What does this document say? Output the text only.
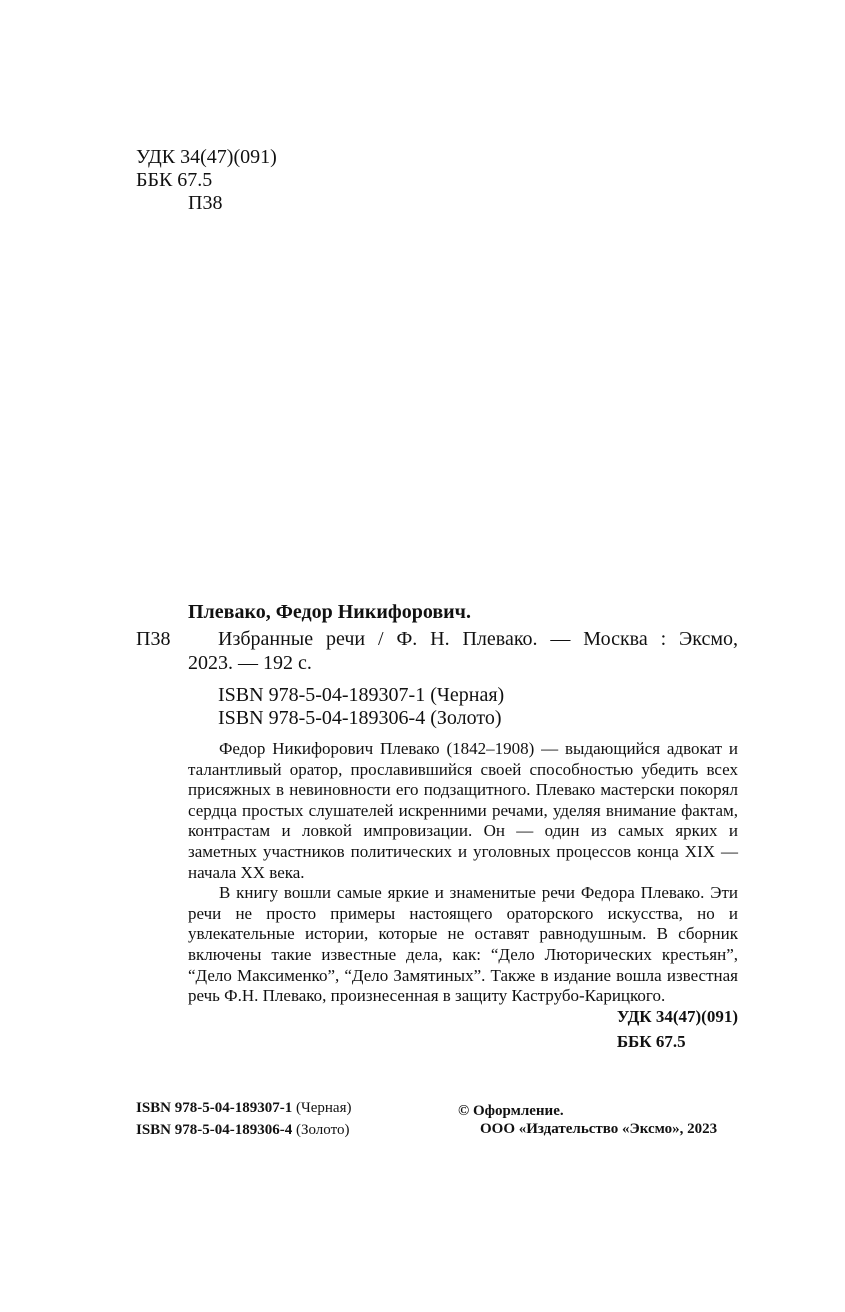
УДК 34(47)(091)
ББК 67.5
П38
Плевако, Федор Никифорович.
П38 Избранные речи / Ф. Н. Плевако. — Москва : Эксмо,
2023. — 192 с.
ISBN 978-5-04-189307-1 (Черная)
ISBN 978-5-04-189306-4 (Золото)

Федор Никифорович Плевако (1842–1908) — выдающийся адвокат и талантливый оратор, прославившийся своей способностью убедить всех присяжных в невиновности его подзащитного. Плевако мастерски покорял сердца простых слушателей искренними речами, уделяя внимание фактам, контрастам и ловкой импровизации. Он — один из самых ярких и заметных участников политических и уголовных процессов конца XIX — начала XX века.

В книгу вошли самые яркие и знаменитые речи Федора Плевако. Эти речи не просто примеры настоящего ораторского искусства, но и увлекательные истории, которые не оставят равнодушным. В сборник включены такие известные дела, как: “Дело Люторических крестьян”, “Дело Максименко”, “Дело Замятиных”. Также в издание вошла известная речь Ф.Н. Плевако, произнесенная в защиту Каструбо-Карицкого.

УДК 34(47)(091)
ББК 67.5
ISBN 978-5-04-189307-1 (Черная)
ISBN 978-5-04-189306-4 (Золото)
© Оформление.
ООО «Издательство «Эксмо», 2023
